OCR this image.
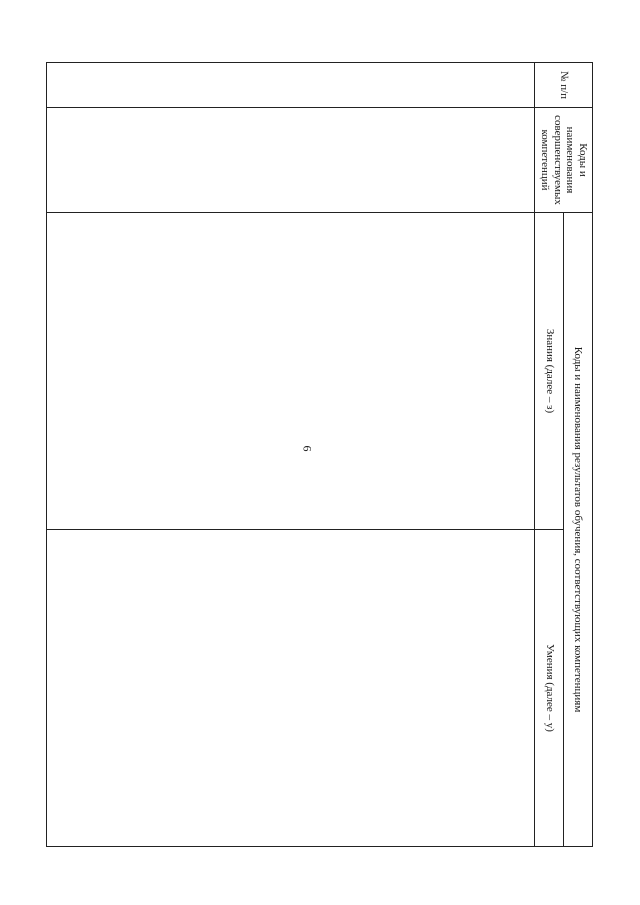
6
№ п/п	Коды и наименования совершенствуемых компетенций	Коды и наименования результатов обучения, соответствующих компетенциям	
		Знания (далее – з)	Умения (далее – у)
